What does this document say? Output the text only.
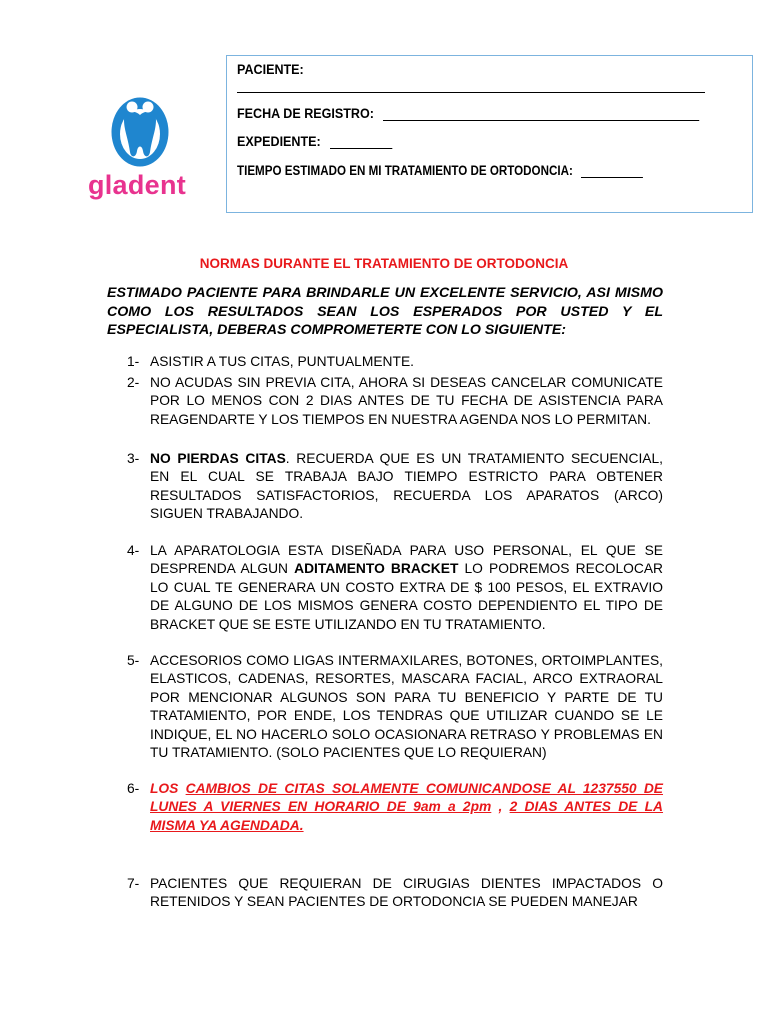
gladent
PACIENTE:
FECHA DE REGISTRO:
EXPEDIENTE:
TIEMPO ESTIMADO EN MI TRATAMIENTO DE ORTODONCIA:
NORMAS DURANTE EL TRATAMIENTO DE ORTODONCIA
ESTIMADO PACIENTE PARA BRINDARLE UN EXCELENTE SERVICIO, ASI MISMO COMO LOS RESULTADOS SEAN LOS ESPERADOS POR USTED Y EL ESPECIALISTA, DEBERAS COMPROMETERTE CON LO SIGUIENTE:
1- ASISTIR A TUS CITAS, PUNTUALMENTE.
2- NO ACUDAS SIN PREVIA CITA, AHORA SI DESEAS CANCELAR COMUNICATE POR LO MENOS CON 2 DIAS ANTES DE TU FECHA DE ASISTENCIA PARA REAGENDARTE Y LOS TIEMPOS EN NUESTRA AGENDA NOS LO PERMITAN.
3- NO PIERDAS CITAS. RECUERDA QUE ES UN TRATAMIENTO SECUENCIAL, EN EL CUAL SE TRABAJA BAJO TIEMPO ESTRICTO PARA OBTENER RESULTADOS SATISFACTORIOS, RECUERDA LOS APARATOS (ARCO) SIGUEN TRABAJANDO.
4- LA APARATOLOGIA ESTA DISEÑADA PARA USO PERSONAL, EL QUE SE DESPRENDA ALGUN ADITAMENTO BRACKET LO PODREMOS RECOLOCAR LO CUAL TE GENERARA UN COSTO EXTRA DE $ 100 PESOS, EL EXTRAVIO DE ALGUNO DE LOS MISMOS GENERA COSTO DEPENDIENTO EL TIPO DE BRACKET QUE SE ESTE UTILIZANDO EN TU TRATAMIENTO.
5- ACCESORIOS COMO LIGAS INTERMAXILARES, BOTONES, ORTOIMPLANTES, ELASTICOS, CADENAS, RESORTES, MASCARA FACIAL, ARCO EXTRAORAL POR MENCIONAR ALGUNOS SON PARA TU BENEFICIO Y PARTE DE TU TRATAMIENTO, POR ENDE, LOS TENDRAS QUE UTILIZAR CUANDO SE LE INDIQUE, EL NO HACERLO SOLO OCASIONARA RETRASO Y PROBLEMAS EN TU TRATAMIENTO. (SOLO PACIENTES QUE LO REQUIERAN)
6- LOS CAMBIOS DE CITAS SOLAMENTE COMUNICANDOSE AL 1237550 DE LUNES A VIERNES EN HORARIO DE 9am a 2pm , 2 DIAS ANTES DE LA MISMA YA AGENDADA.
7- PACIENTES QUE REQUIERAN DE CIRUGIAS DIENTES IMPACTADOS O RETENIDOS Y SEAN PACIENTES DE ORTODONCIA SE PUEDEN MANEJAR
